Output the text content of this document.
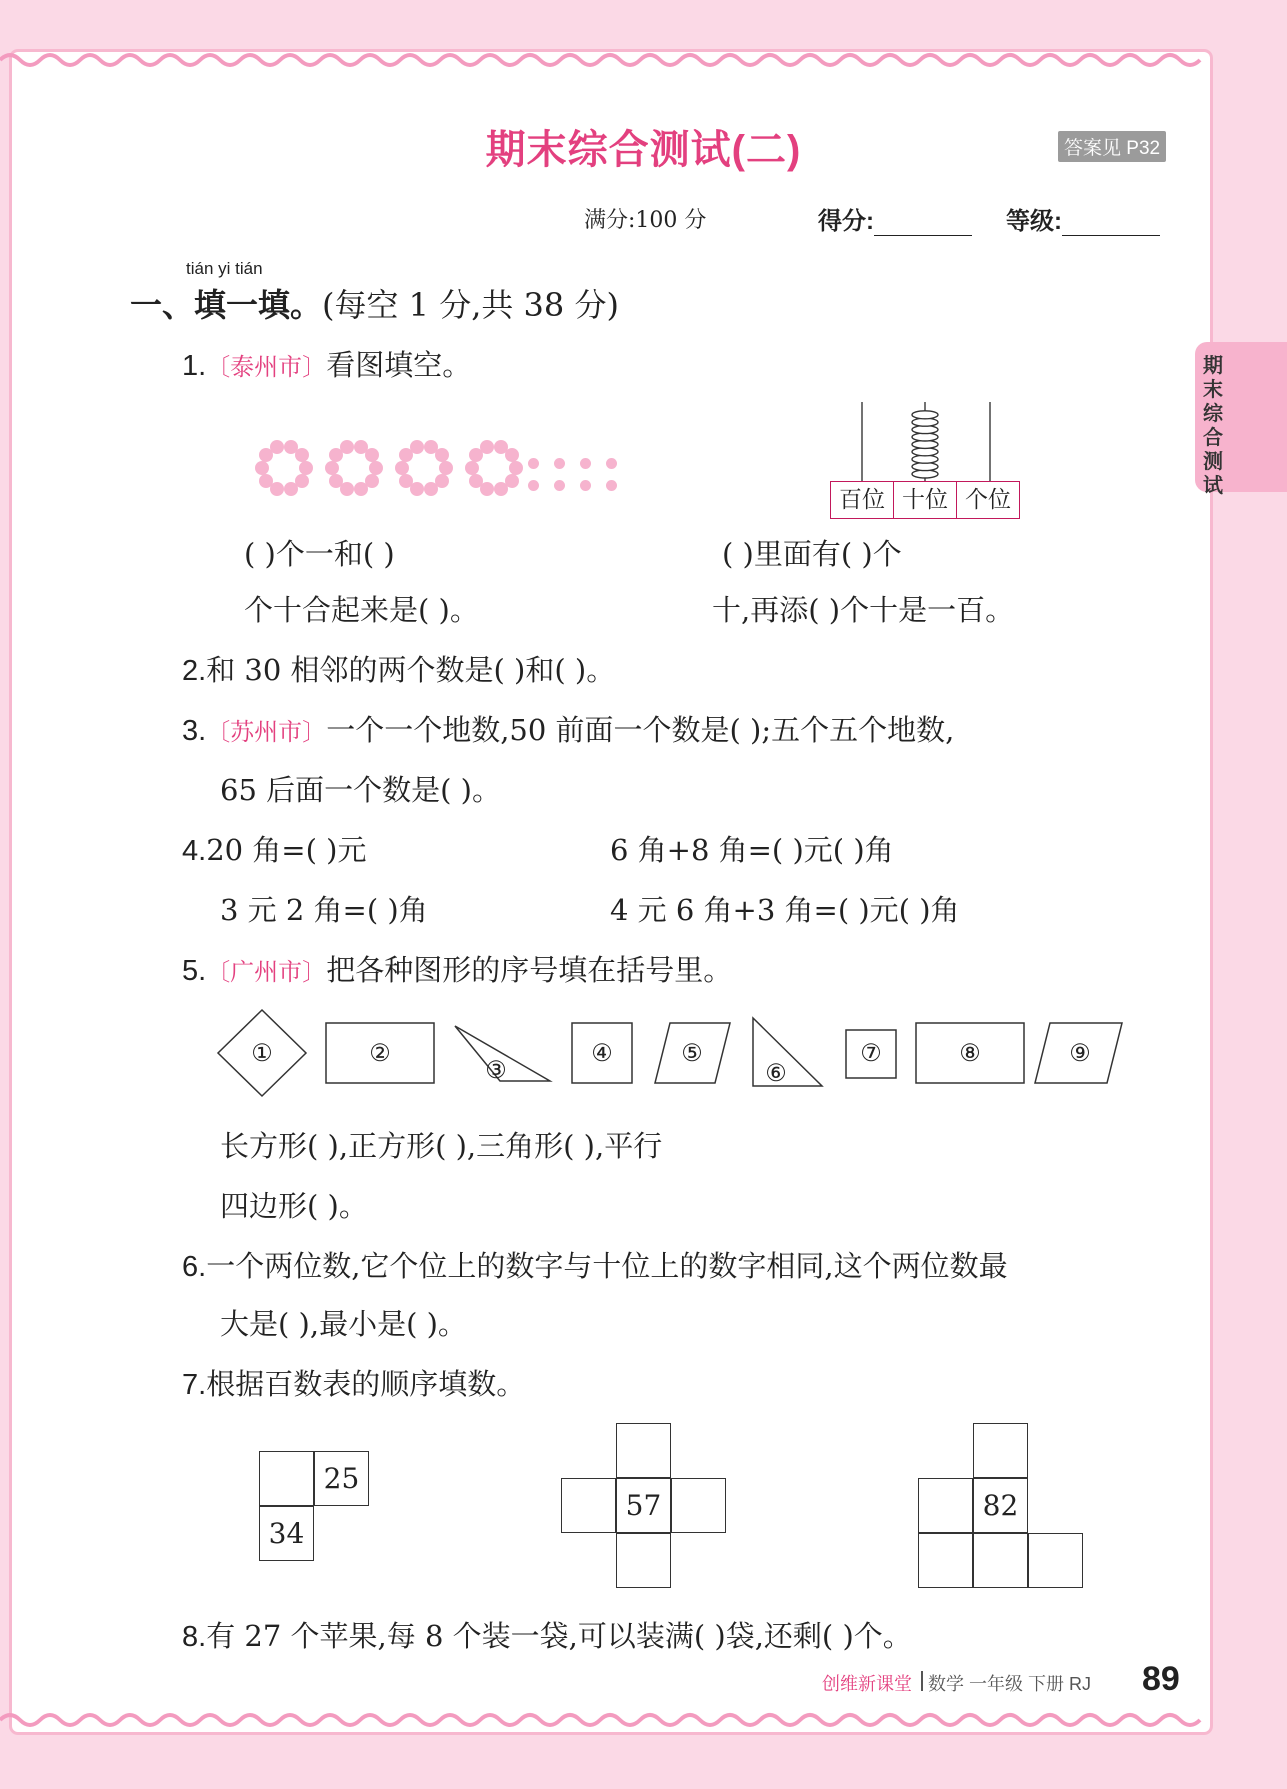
期末综合测试(二)	答案见 P32
满分:100 分	得分:	等级:
期末综合测试
tián yi tián
一、填一填。(每空 1 分,共 38 分)
1.〔泰州市〕看图填空。
百位 十位 个位
( )个一和( )
个十合起来是( )。
( )里面有( )个
十,再添( )个十是一百。
2.和 30 相邻的两个数是( )和( )。
3.〔苏州市〕一个一个地数,50 前面一个数是( );五个五个地数,
65 后面一个数是( )。
4.20 角=( )元	6 角+8 角=( )元( )角
3 元 2 角=( )角	4 元 6 角+3 角=( )元( )角
5.〔广州市〕把各种图形的序号填在括号里。
①	②
③
④	⑤
⑥
⑦	⑧	⑨
长方形( ),正方形( ),三角形( ),平行
四边形( )。
6.一个两位数,它个位上的数字与十位上的数字相同,这个两位数最
大是( ),最小是( )。
7.根据百数表的顺序填数。
25
34
57	82
8.有 27 个苹果,每 8 个装一袋,可以装满( )袋,还剩( )个。
创维新课堂 数学 一年级 下册 RJ 89
